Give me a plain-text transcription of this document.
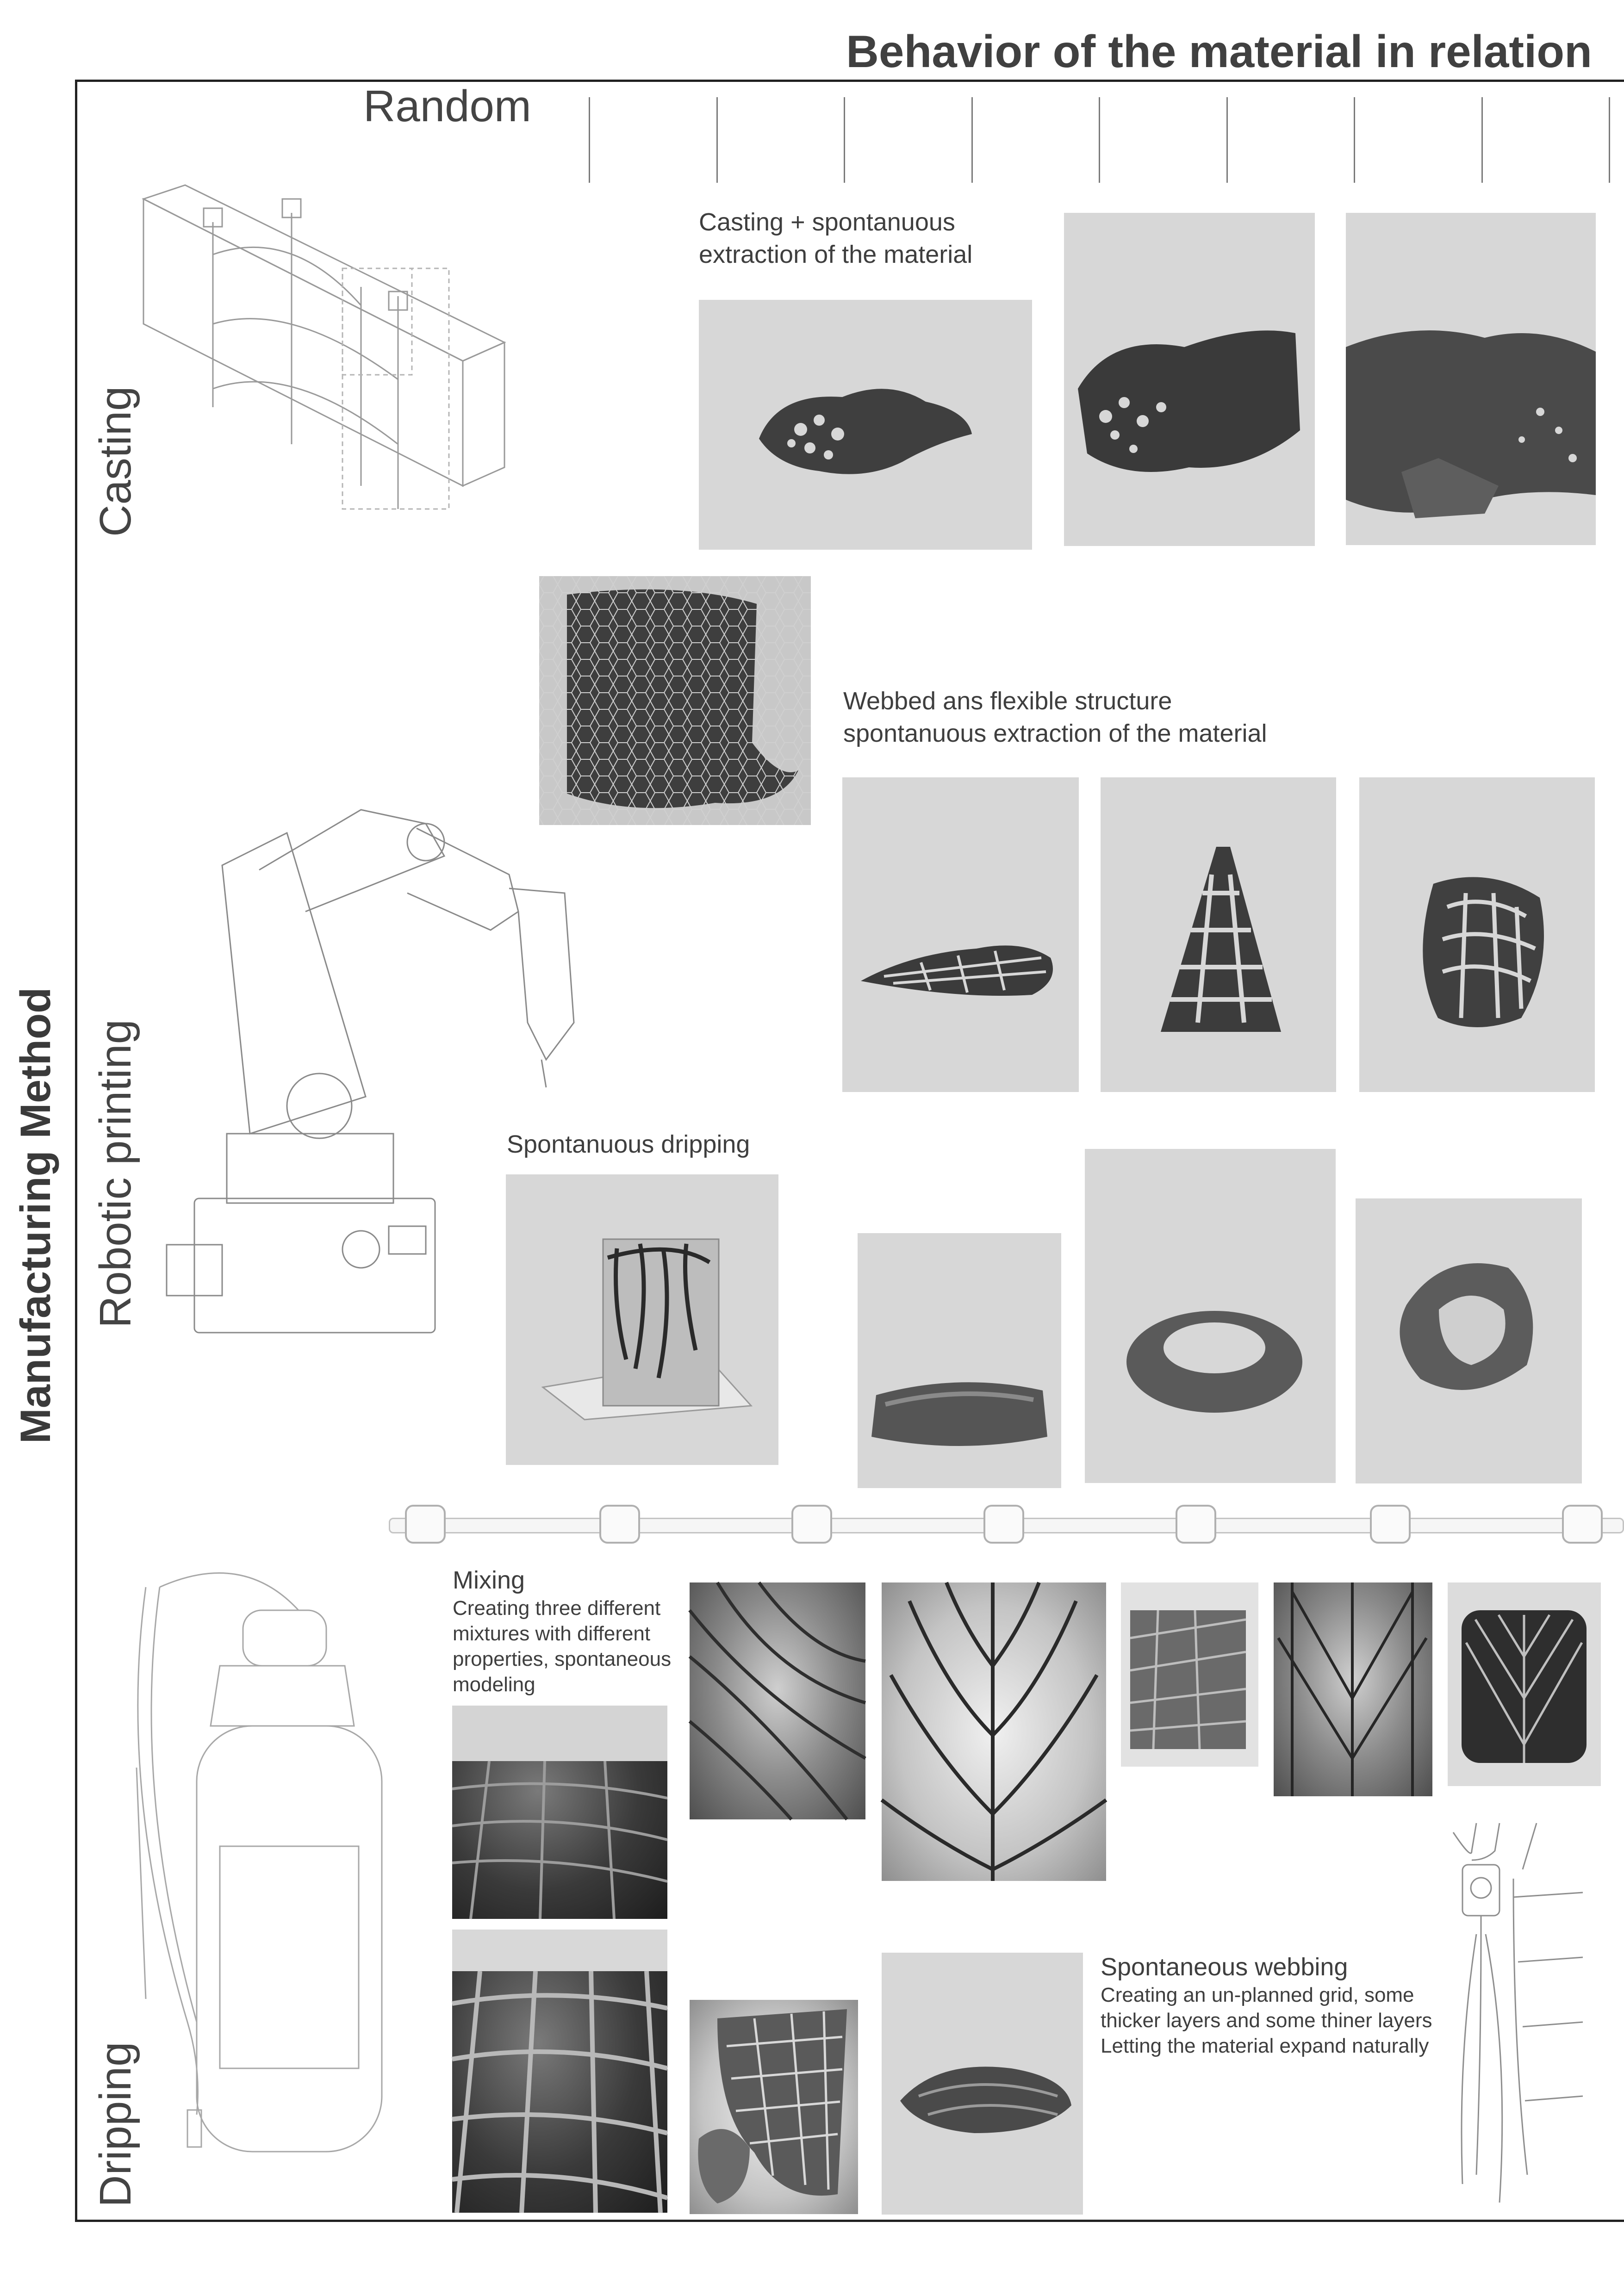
Behavior of the material in relation
Random
Manufacturing Method
Casting
Robotic printing
Dripping
Casting + spontanuous
extraction of the material
Webbed ans flexible structure
spontanuous extraction of the material
Spontanuous dripping
Mixing
Creating three different
mixtures with different
properties, spontaneous
modeling
Spontaneous webbing
Creating an un-planned grid, some
thicker layers and some thiner layers
Letting the material expand naturally
